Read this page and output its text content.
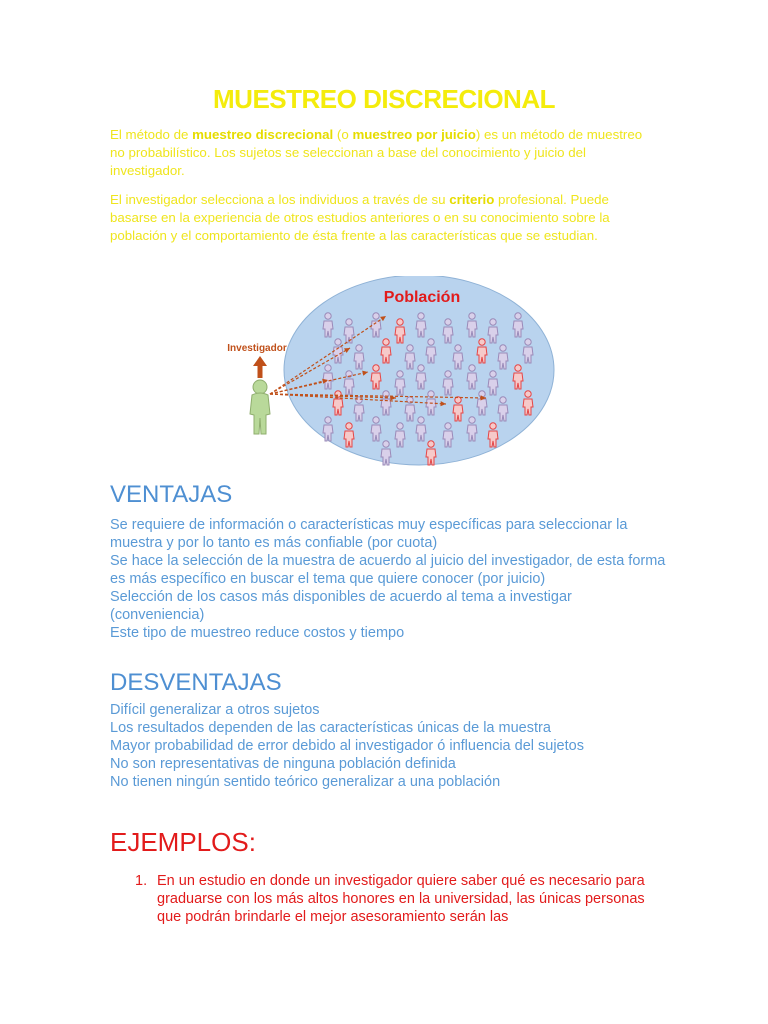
MUESTREO DISCRECIONAL

El método de muestreo discrecional (o muestreo por juicio) es un método de muestreo no probabilístico. Los sujetos se seleccionan a base del conocimiento y juicio del investigador.

El investigador selecciona a los individuos a través de su criterio profesional. Puede basarse en la experiencia de otros estudios anteriores o en su conocimiento sobre la población y el comportamiento de ésta frente a las características que se estudian.

Población
Investigador
VENTAJAS
Se requiere de información o características muy específicas para seleccionar la muestra y por lo tanto es más confiable (por cuota)
Se hace la selección de la muestra de acuerdo al juicio del investigador, de esta forma es más específico en buscar el tema que quiere conocer (por juicio)
Selección de los casos más disponibles de acuerdo al tema a investigar (conveniencia)
Este tipo de muestreo reduce costos y tiempo
DESVENTAJAS
Difícil generalizar a otros sujetos
Los resultados dependen de las características únicas de la muestra
Mayor probabilidad de error debido al investigador ó influencia del sujetos
No son representativas de ninguna población definida
No tienen ningún sentido teórico generalizar a una población
EJEMPLOS:
1. En un estudio en donde un investigador quiere saber qué es necesario para graduarse con los más altos honores en la universidad, las únicas personas que podrán brindarle el mejor asesoramiento serán las
